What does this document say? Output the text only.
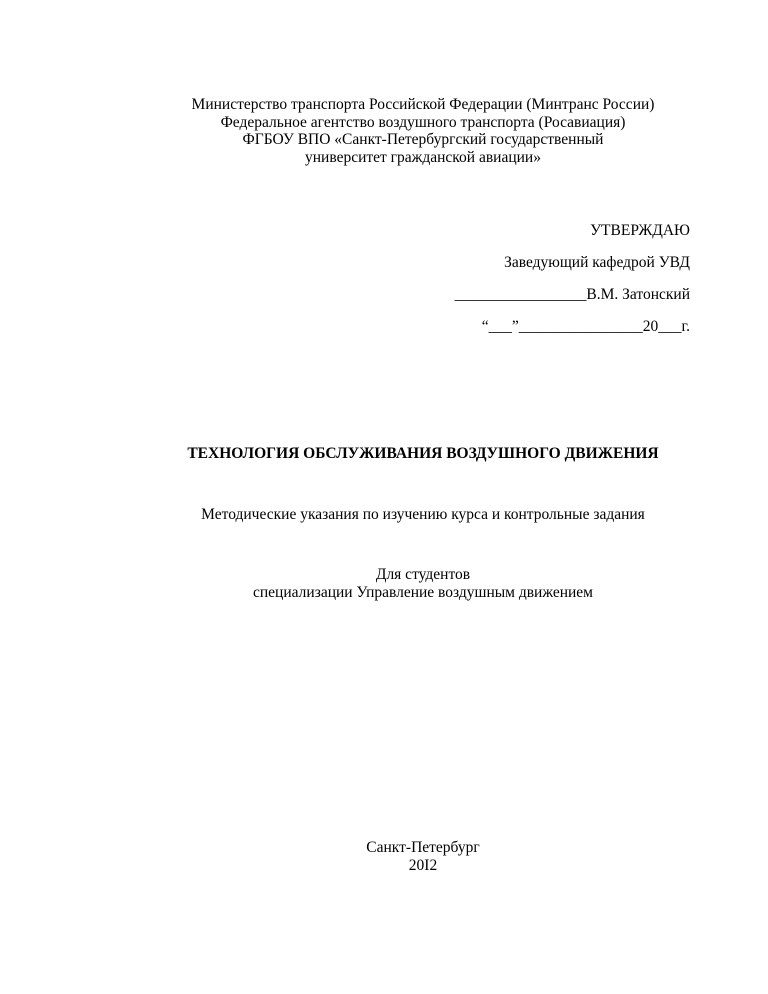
Министерство транспорта Российской Федерации (Минтранс России)
Федеральное агентство воздушного транспорта (Росавиация)
ФГБОУ ВПО «Санкт-Петербургский государственный
университет гражданской авиации»
УТВЕРЖДАЮ
Заведующий кафедрой УВД
_________________В.М. Затонский
“___”________________20___г.
ТЕХНОЛОГИЯ ОБСЛУЖИВАНИЯ ВОЗДУШНОГО ДВИЖЕНИЯ
Методические указания по изучению курса и контрольные задания
Для студентов
специализации Управление воздушным движением
Санкт-Петербург
20I2
